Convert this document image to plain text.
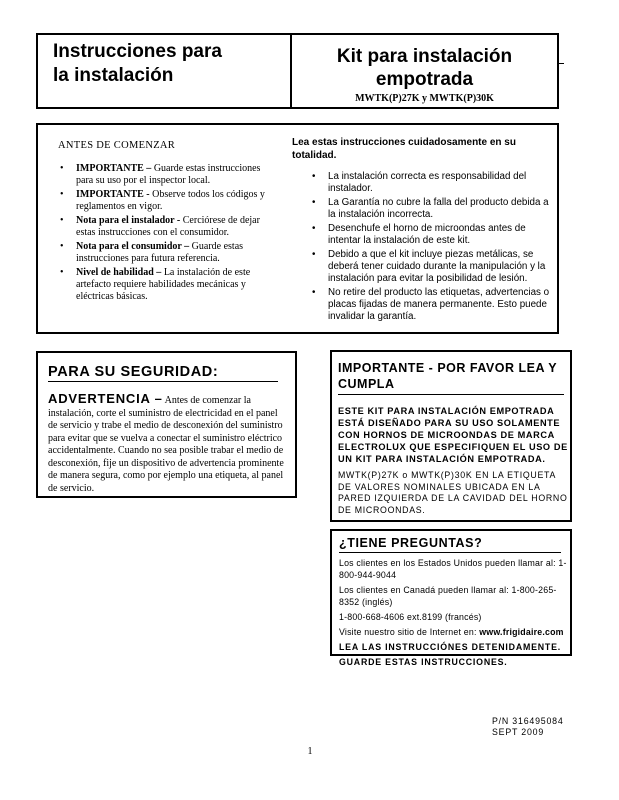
Instrucciones para
la instalación
Kit para instalación
empotrada
MWTK(P)27K y MWTK(P)30K
ANTES DE COMENZAR
• IMPORTANTE – Guarde estas instrucciones para su uso por el inspector local.
• IMPORTANTE - Observe todos los códigos y reglamentos en vigor.
• Nota para el instalador - Cerciórese de dejar estas instrucciones con el consumidor.
• Nota para el consumidor – Guarde estas instrucciones para futura referencia.
• Nivel de habilidad – La instalación de este artefacto requiere habilidades mecánicas y eléctricas básicas.
Lea estas instrucciones cuidadosamente en su totalidad.
• La instalación correcta es responsabilidad del instalador.
• La Garantía no cubre la falla del producto debida a la instalación incorrecta.
• Desenchufe el horno de microondas antes de intentar la instalación de este kit.
• Debido a que el kit incluye piezas metálicas, se deberá tener cuidado durante la manipulación y la instalación para evitar la posibilidad de lesión.
• No retire del producto las etiquetas, advertencias o placas fijadas de manera permanente. Esto puede invalidar la garantía.
PARA SU SEGURIDAD:
ADVERTENCIA – Antes de comenzar la instalación, corte el suministro de electricidad en el panel de servicio y trabe el medio de desconexión del suministro para evitar que se vuelva a conectar el suministro eléctrico accidentalmente. Cuando no sea posible trabar el medio de desconexión, fije un dispositivo de advertencia prominente de manera segura, como por ejemplo una etiqueta, al panel de servicio.
IMPORTANTE - POR FAVOR LEA Y CUMPLA
ESTE KIT PARA INSTALACIÓN EMPOTRADA ESTÁ DISEÑADO PARA SU USO SOLAMENTE CON HORNOS DE MICROONDAS DE MARCA ELECTROLUX QUE ESPECIFIQUEN EL USO DE UN KIT PARA INSTALACIÓN EMPOTRADA.
MWTK(P)27K o MWTK(P)30K EN LA ETIQUETA DE VALORES NOMINALES UBICADA EN LA PARED IZQUIERDA DE LA CAVIDAD DEL HORNO DE MICROONDAS.
¿TIENE PREGUNTAS?

Los clientes en los Estados Unidos pueden llamar al: 1-800-944-9044

Los clientes en Canadá pueden llamar al: 1-800-265-8352 (inglés)

1-800-668-4606 ext.8199 (francés)

Visite nuestro sitio de Internet en: www.frigidaire.com

LEA LAS INSTRUCCIÓNES DETENIDAMENTE.

GUARDE ESTAS INSTRUCCIONES.

P/N 316495084
SEPT 2009
1
